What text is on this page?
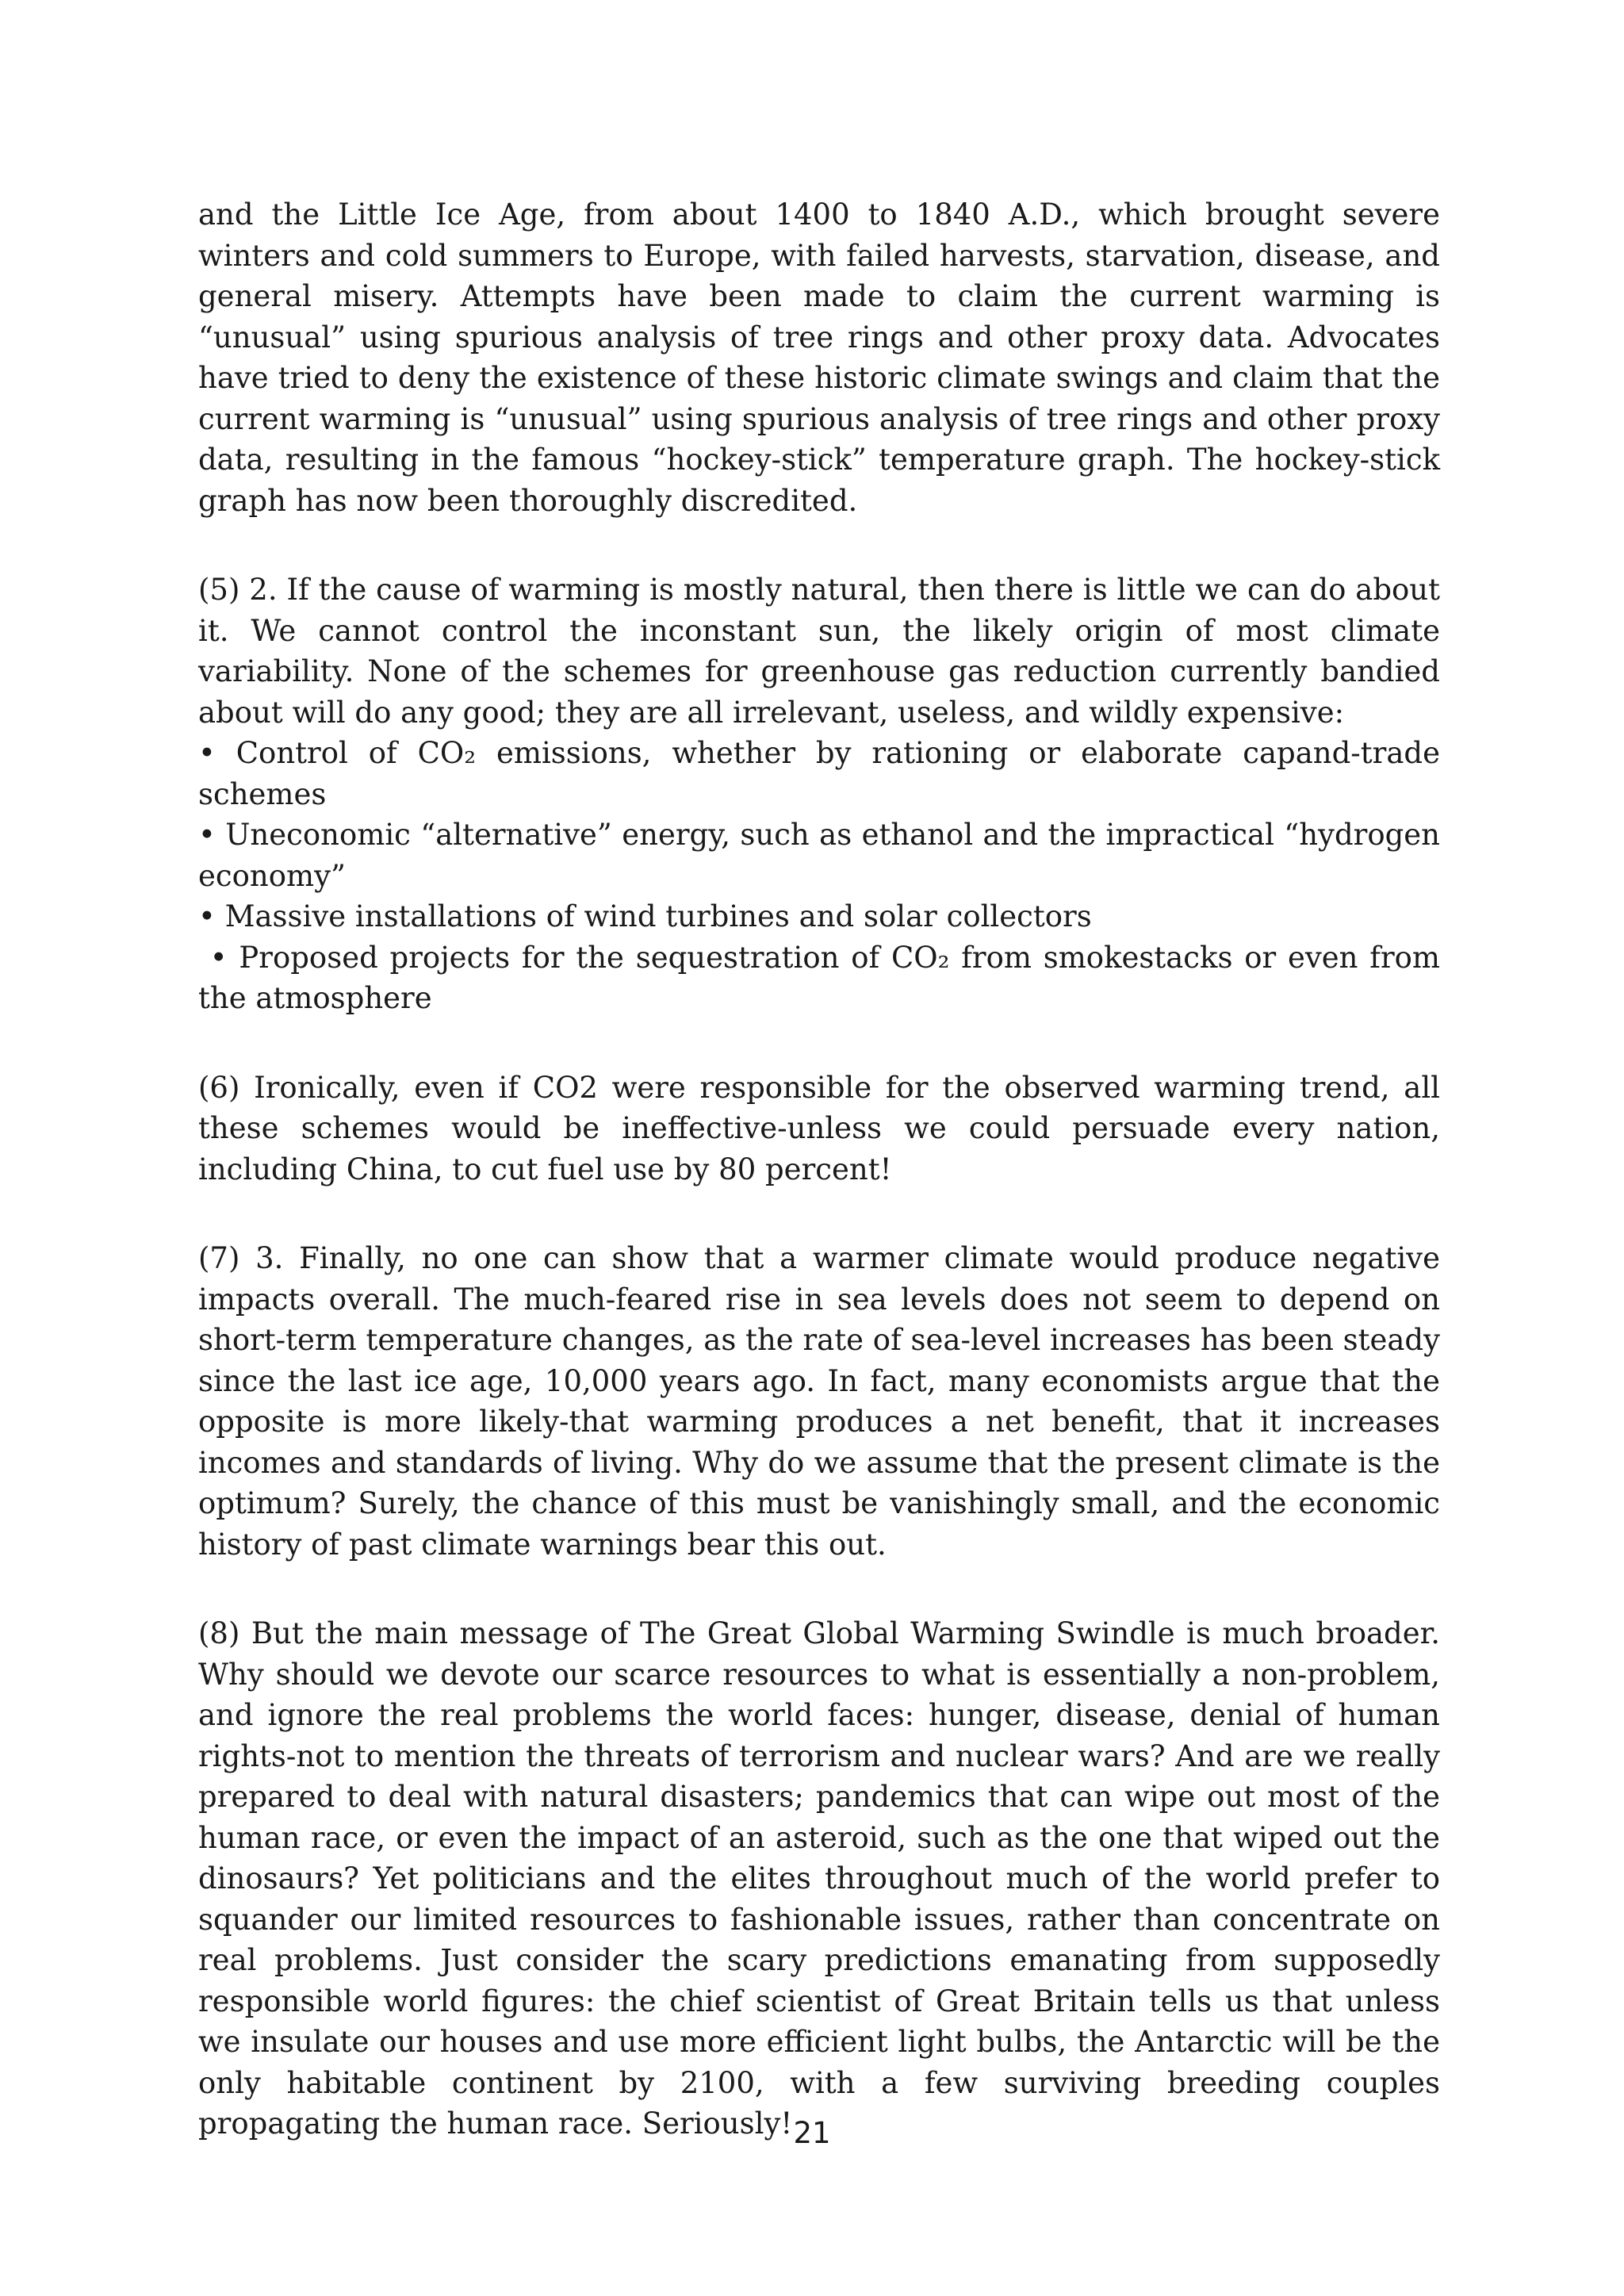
and the Little Ice Age, from about 1400 to 1840 A.D., which brought severe winters and cold summers to Europe, with failed harvests, starvation, disease, and general misery. Attempts have been made to claim the current warming is “unusual” using spurious analysis of tree rings and other proxy data. Advocates have tried to deny the existence of these historic climate swings and claim that the current warming is “unusual” using spurious analysis of tree rings and other proxy data, resulting in the famous “hockey-stick” temperature graph. The hockey-stick graph has now been thoroughly discredited.

(5) 2. If the cause of warming is mostly natural, then there is little we can do about it. We cannot control the inconstant sun, the likely origin of most climate variability. None of the schemes for greenhouse gas reduction currently bandied about will do any good; they are all irrelevant, useless, and wildly expensive:

• Control of CO₂ emissions, whether by rationing or elaborate capand-trade schemes
• Uneconomic “alternative” energy, such as ethanol and the impractical “hydrogen economy”
• Massive installations of wind turbines and solar collectors
• Proposed projects for the sequestration of CO₂ from smokestacks or even from the atmosphere

(6) Ironically, even if CO2 were responsible for the observed warming trend, all these schemes would be ineffective-unless we could persuade every nation, including China, to cut fuel use by 80 percent!

(7) 3. Finally, no one can show that a warmer climate would produce negative impacts overall. The much-feared rise in sea levels does not seem to depend on short-term temperature changes, as the rate of sea-level increases has been steady since the last ice age, 10,000 years ago. In fact, many economists argue that the opposite is more likely-that warming produces a net benefit, that it increases incomes and standards of living. Why do we assume that the present climate is the optimum? Surely, the chance of this must be vanishingly small, and the economic history of past climate warnings bear this out.

(8) But the main message of The Great Global Warming Swindle is much broader. Why should we devote our scarce resources to what is essentially a non-problem, and ignore the real problems the world faces: hunger, disease, denial of human rights-not to mention the threats of terrorism and nuclear wars? And are we really prepared to deal with natural disasters; pandemics that can wipe out most of the human race, or even the impact of an asteroid, such as the one that wiped out the dinosaurs? Yet politicians and the elites throughout much of the world prefer to squander our limited resources to fashionable issues, rather than concentrate on real problems. Just consider the scary predictions emanating from supposedly responsible world figures: the chief scientist of Great Britain tells us that unless we insulate our houses and use more efficient light bulbs, the Antarctic will be the only habitable continent by 2100, with a few surviving breeding couples propagating the human race. Seriously! 21
